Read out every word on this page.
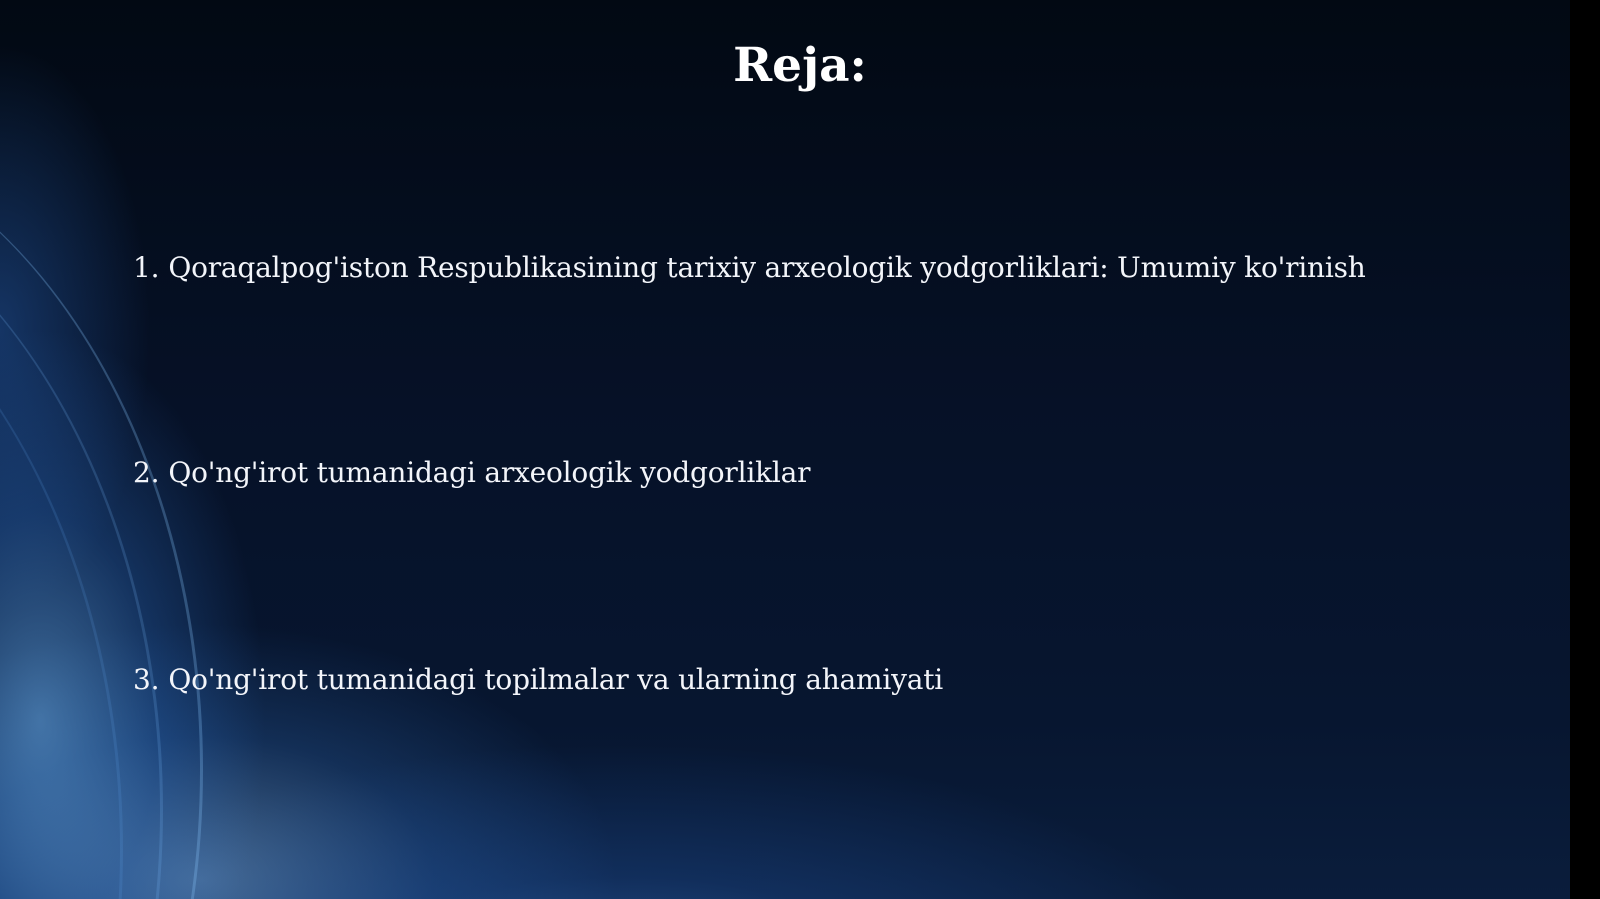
Reja:
1. Qoraqalpog'iston Respublikasining tarixiy arxeologik yodgorliklari: Umumiy ko'rinish
2. Qo'ng'irot tumanidagi arxeologik yodgorliklar
3. Qo'ng'irot tumanidagi topilmalar va ularning ahamiyati
